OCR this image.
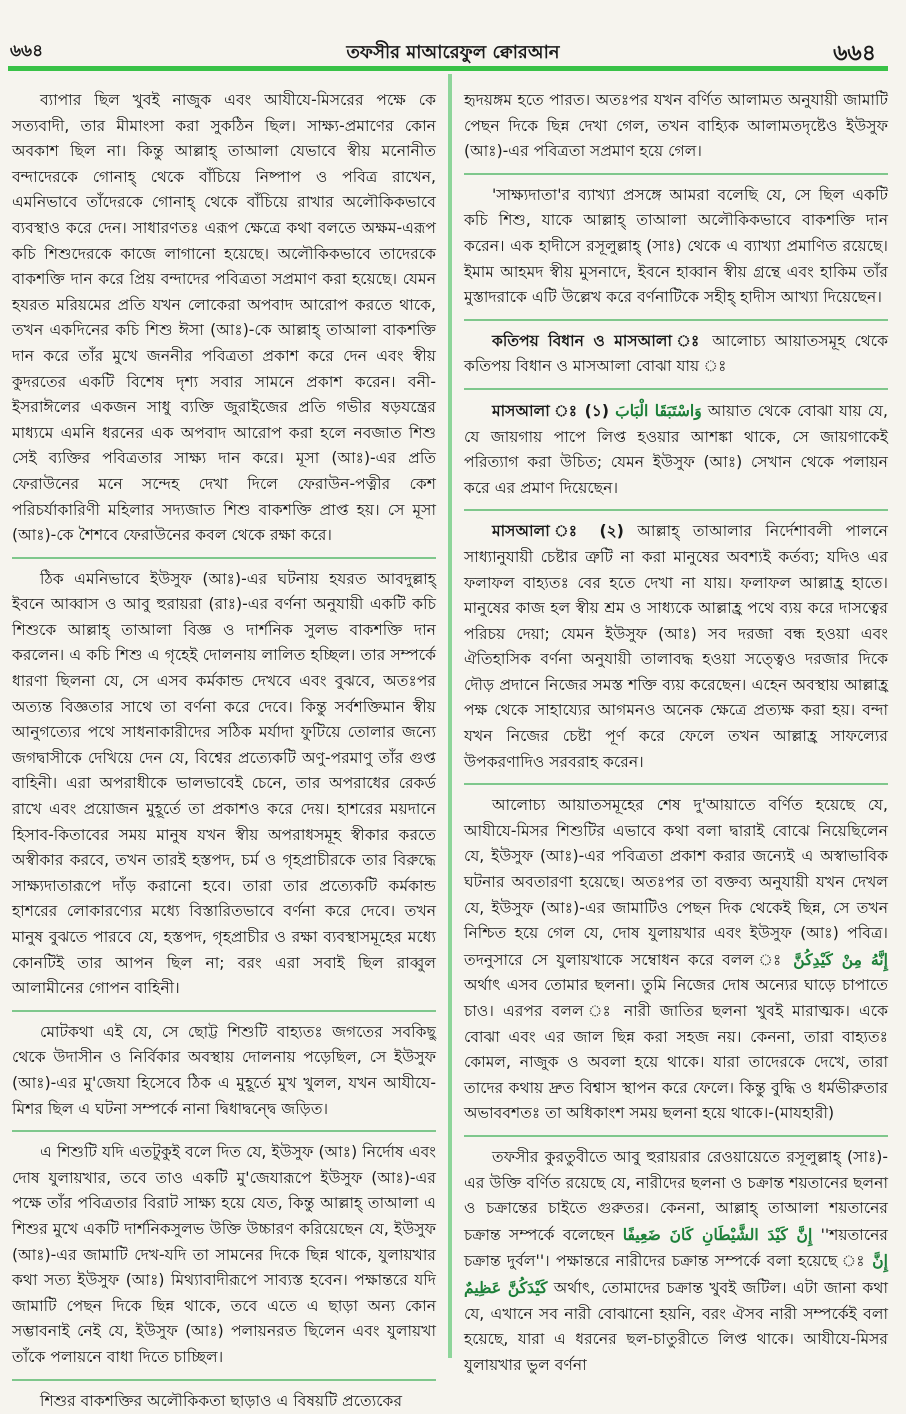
৬৬৪	তফসীর মাআরেফুল ক্বোরআন	৬৬৪

ব্যাপার ছিল খুবই নাজুক এবং আযীযে-মিসরের পক্ষে কে সত্যবাদী, তার মীমাংসা করা সুকঠিন ছিল। সাক্ষ্য-প্রমাণের কোন অবকাশ ছিল না। কিন্তু আল্লাহ্ তাআলা যেভাবে স্বীয় মনোনীত বন্দাদেরকে গোনাহ্ থেকে বাঁচিয়ে নিষ্পাপ ও পবিত্র রাখেন, এমনিভাবে তাঁদেরকে গোনাহ্ থেকে বাঁচিয়ে রাখার অলৌকিকভাবে ব্যবস্থাও করে দেন। সাধারণতঃ এরূপ ক্ষেত্রে কথা বলতে অক্ষম-এরূপ কচি শিশুদেরকে কাজে লাগানো হয়েছে। অলৌকিকভাবে তাদেরকে বাকশক্তি দান করে প্রিয় বন্দাদের পবিত্রতা সপ্রমাণ করা হয়েছে। যেমন হযরত মরিয়মের প্রতি যখন লোকেরা অপবাদ আরোপ করতে থাকে, তখন একদিনের কচি শিশু ঈসা (আঃ)-কে আল্লাহ্ তাআলা বাকশক্তি দান করে তাঁর মুখে জননীর পবিত্রতা প্রকাশ করে দেন এবং স্বীয় কুদরতের একটি বিশেষ দৃশ্য সবার সামনে প্রকাশ করেন। বনী-ইসরাঈলের একজন সাধু ব্যক্তি জুরাইজের প্রতি গভীর ষড়যন্ত্রের মাধ্যমে এমনি ধরনের এক অপবাদ আরোপ করা হলে নবজাত শিশু সেই ব্যক্তির পবিত্রতার সাক্ষ্য দান করে। মূসা (আঃ)-এর প্রতি ফেরাউনের মনে সন্দেহ দেখা দিলে ফেরাউন-পত্নীর কেশ পরিচর্যাকারিণী মহিলার সদ্যজাত শিশু বাকশক্তি প্রাপ্ত হয়। সে মূসা (আঃ)-কে শৈশবে ফেরাউনের কবল থেকে রক্ষা করে।

ঠিক এমনিভাবে ইউসুফ (আঃ)-এর ঘটনায় হযরত আবদুল্লাহ্ ইবনে আব্বাস ও আবু হুরায়রা (রাঃ)-এর বর্ণনা অনুযায়ী একটি কচি শিশুকে আল্লাহ্ তাআলা বিজ্ঞ ও দার্শনিক সুলভ বাকশক্তি দান করলেন। এ কচি শিশু এ গৃহেই দোলনায় লালিত হচ্ছিল। তার সম্পর্কে ধারণা ছিলনা যে, সে এসব কর্মকান্ড দেখবে এবং বুঝবে, অতঃপর অত্যন্ত বিজ্ঞতার সাথে তা বর্ণনা করে দেবে। কিন্তু সর্বশক্তিমান স্বীয় আনুগত্যের পথে সাধনাকারীদের সঠিক মর্যাদা ফুটিয়ে তোলার জন্যে জগদ্বাসীকে দেখিয়ে দেন যে, বিশ্বের প্রত্যেকটি অণু-পরমাণু তাঁর গুপ্ত বাহিনী। এরা অপরাধীকে ভালভাবেই চেনে, তার অপরাধের রেকর্ড রাখে এবং প্রয়োজন মুহূর্তে তা প্রকাশও করে দেয়। হাশরের ময়দানে হিসাব-কিতাবের সময় মানুষ যখন স্বীয় অপরাধসমূহ স্বীকার করতে অস্বীকার করবে, তখন তারই হস্তপদ, চর্ম ও গৃহপ্রাচীরকে তার বিরুদ্ধে সাক্ষ্যদাতারূপে দাঁড় করানো হবে। তারা তার প্রত্যেকটি কর্মকান্ড হাশরের লোকারণ্যের মধ্যে বিস্তারিতভাবে বর্ণনা করে দেবে। তখন মানুষ বুঝতে পারবে যে, হস্তপদ, গৃহপ্রাচীর ও রক্ষা ব্যবস্থাসমূহের মধ্যে কোনটিই তার আপন ছিল না; বরং এরা সবাই ছিল রাব্বুল আলামীনের গোপন বাহিনী।

মোটকথা এই যে, সে ছোট্ট শিশুটি বাহ্যতঃ জগতের সবকিছু থেকে উদাসীন ও নির্বিকার অবস্থায় দোলনায় পড়েছিল, সে ইউসুফ (আঃ)-এর মু'জেযা হিসেবে ঠিক এ মুহূর্তে মুখ খুলল, যখন আযীযে-মিশর ছিল এ ঘটনা সম্পর্কে নানা দ্বিধাদ্বন্দ্বে জড়িত।

এ শিশুটি যদি এতটুকুই বলে দিত যে, ইউসুফ (আঃ) নির্দোষ এবং দোষ যুলায়খার, তবে তাও একটি মু'জেযারূপে ইউসুফ (আঃ)-এর পক্ষে তাঁর পবিত্রতার বিরাট সাক্ষ্য হয়ে যেত, কিন্তু আল্লাহ্ তাআলা এ শিশুর মুখে একটি দার্শনিকসুলভ উক্তি উচ্চারণ করিয়েছেন যে, ইউসুফ (আঃ)-এর জামাটি দেখ-যদি তা সামনের দিকে ছিন্ন থাকে, যুলায়খার কথা সত্য ইউসুফ (আঃ) মিথ্যাবাদীরূপে সাব্যস্ত হবেন। পক্ষান্তরে যদি জামাটি পেছন দিকে ছিন্ন থাকে, তবে এতে এ ছাড়া অন্য কোন সম্ভাবনাই নেই যে, ইউসুফ (আঃ) পলায়নরত ছিলেন এবং যুলায়খা তাঁকে পলায়নে বাধা দিতে চাচ্ছিল।

শিশুর বাকশক্তির অলৌকিকতা ছাড়াও এ বিষয়টি প্রত্যেকের

হৃদয়ঙ্গম হতে পারত। অতঃপর যখন বর্ণিত আলামত অনুযায়ী জামাটি পেছন দিকে ছিন্ন দেখা গেল, তখন বাহ্যিক আলামতদৃষ্টেও ইউসুফ (আঃ)-এর পবিত্রতা সপ্রমাণ হয়ে গেল।

'সাক্ষ্যদাতা'র ব্যাখ্যা প্রসঙ্গে আমরা বলেছি যে, সে ছিল একটি কচি শিশু, যাকে আল্লাহ্ তাআলা অলৌকিকভাবে বাকশক্তি দান করেন। এক হাদীসে রসূলুল্লাহ্ (সাঃ) থেকে এ ব্যাখ্যা প্রমাণিত রয়েছে। ইমাম আহমদ স্বীয় মুসনাদে, ইবনে হাব্বান স্বীয় গ্রন্থে এবং হাকিম তাঁর মুস্তাদরাকে এটি উল্লেখ করে বর্ণনাটিকে সহীহ্ হাদীস আখ্যা দিয়েছেন।

কতিপয় বিধান ও মাসআলা ঃ আলোচ্য আয়াতসমূহ থেকে কতিপয় বিধান ও মাসআলা বোঝা যায় ঃ

মাসআলা ঃ (১) وَاسْتَبَقَا الْبَابَ আয়াত থেকে বোঝা যায় যে, যে জায়গায় পাপে লিপ্ত হওয়ার আশঙ্কা থাকে, সে জায়গাকেই পরিত্যাগ করা উচিত; যেমন ইউসুফ (আঃ) সেখান থেকে পলায়ন করে এর প্রমাণ দিয়েছেন।

মাসআলা ঃ (২) আল্লাহ্ তাআলার নির্দেশাবলী পালনে সাধ্যানুযায়ী চেষ্টার ত্রুটি না করা মানুষের অবশ্যই কর্তব্য; যদিও এর ফলাফল বাহ্যতঃ বের হতে দেখা না যায়। ফলাফল আল্লাহ্র হাতে। মানুষের কাজ হল স্বীয় শ্রম ও সাধ্যকে আল্লাহ্র পথে ব্যয় করে দাসত্বের পরিচয় দেয়া; যেমন ইউসুফ (আঃ) সব দরজা বন্ধ হওয়া এবং ঐতিহাসিক বর্ণনা অনুযায়ী তালাবদ্ধ হওয়া সত্ত্বেও দরজার দিকে দৌড় প্রদানে নিজের সমস্ত শক্তি ব্যয় করেছেন। এহেন অবস্থায় আল্লাহ্র পক্ষ থেকে সাহায্যের আগমনও অনেক ক্ষেত্রে প্রত্যক্ষ করা হয়। বন্দা যখন নিজের চেষ্টা পূর্ণ করে ফেলে তখন আল্লাহ্র সাফল্যের উপকরণাদিও সরবরাহ করেন।

আলোচ্য আয়াতসমূহের শেষ দু'আয়াতে বর্ণিত হয়েছে যে, আযীযে-মিসর শিশুটির এভাবে কথা বলা দ্বারাই বোঝে নিয়েছিলেন যে, ইউসুফ (আঃ)-এর পবিত্রতা প্রকাশ করার জন্যেই এ অস্বাভাবিক ঘটনার অবতারণা হয়েছে। অতঃপর তা বক্তব্য অনুযায়ী যখন দেখল যে, ইউসুফ (আঃ)-এর জামাটিও পেছন দিক থেকেই ছিন্ন, সে তখন নিশ্চিত হয়ে গেল যে, দোষ যুলায়খার এবং ইউসুফ (আঃ) পবিত্র। তদনুসারে সে যুলায়খাকে সম্বোধন করে বলল ঃ إِنَّهُ مِنْ كَيْدِكُنَّ অর্থাৎ এসব তোমার ছলনা। তুমি নিজের দোষ অন্যের ঘাড়ে চাপাতে চাও। এরপর বলল ঃ নারী জাতির ছলনা খুবই মারাত্মক। একে বোঝা এবং এর জাল ছিন্ন করা সহজ নয়। কেননা, তারা বাহ্যতঃ কোমল, নাজুক ও অবলা হয়ে থাকে। যারা তাদেরকে দেখে, তারা তাদের কথায় দ্রুত বিশ্বাস স্থাপন করে ফেলে। কিন্তু বুদ্ধি ও ধর্মভীরুতার অভাববশতঃ তা অধিকাংশ সময় ছলনা হয়ে থাকে।-(মাযহারী)

তফসীর কুরতুবীতে আবু হুরায়রার রেওয়ায়েতে রসূলুল্লাহ্ (সাঃ)-এর উক্তি বর্ণিত রয়েছে যে, নারীদের ছলনা ও চক্রান্ত শয়তানের ছলনা ও চক্রান্তের চাইতে গুরুতর। কেননা, আল্লাহ্ তাআলা শয়তানের চক্রান্ত সম্পর্কে বলেছেন إِنَّ كَيْدَ الشَّيْطَانِ كَانَ ضَعِيفًا ''শয়তানের চক্রান্ত দুর্বল''। পক্ষান্তরে নারীদের চক্রান্ত সম্পর্কে বলা হয়েছে ঃ إِنَّ كَيْدَكُنَّ عَظِيمٌ অর্থাৎ, তোমাদের চক্রান্ত খুবই জটিল। এটা জানা কথা যে, এখানে সব নারী বোঝানো হয়নি, বরং ঐসব নারী সম্পর্কেই বলা হয়েছে, যারা এ ধরনের ছল-চাতুরীতে লিপ্ত থাকে। আযীযে-মিসর যুলায়খার ভুল বর্ণনা
